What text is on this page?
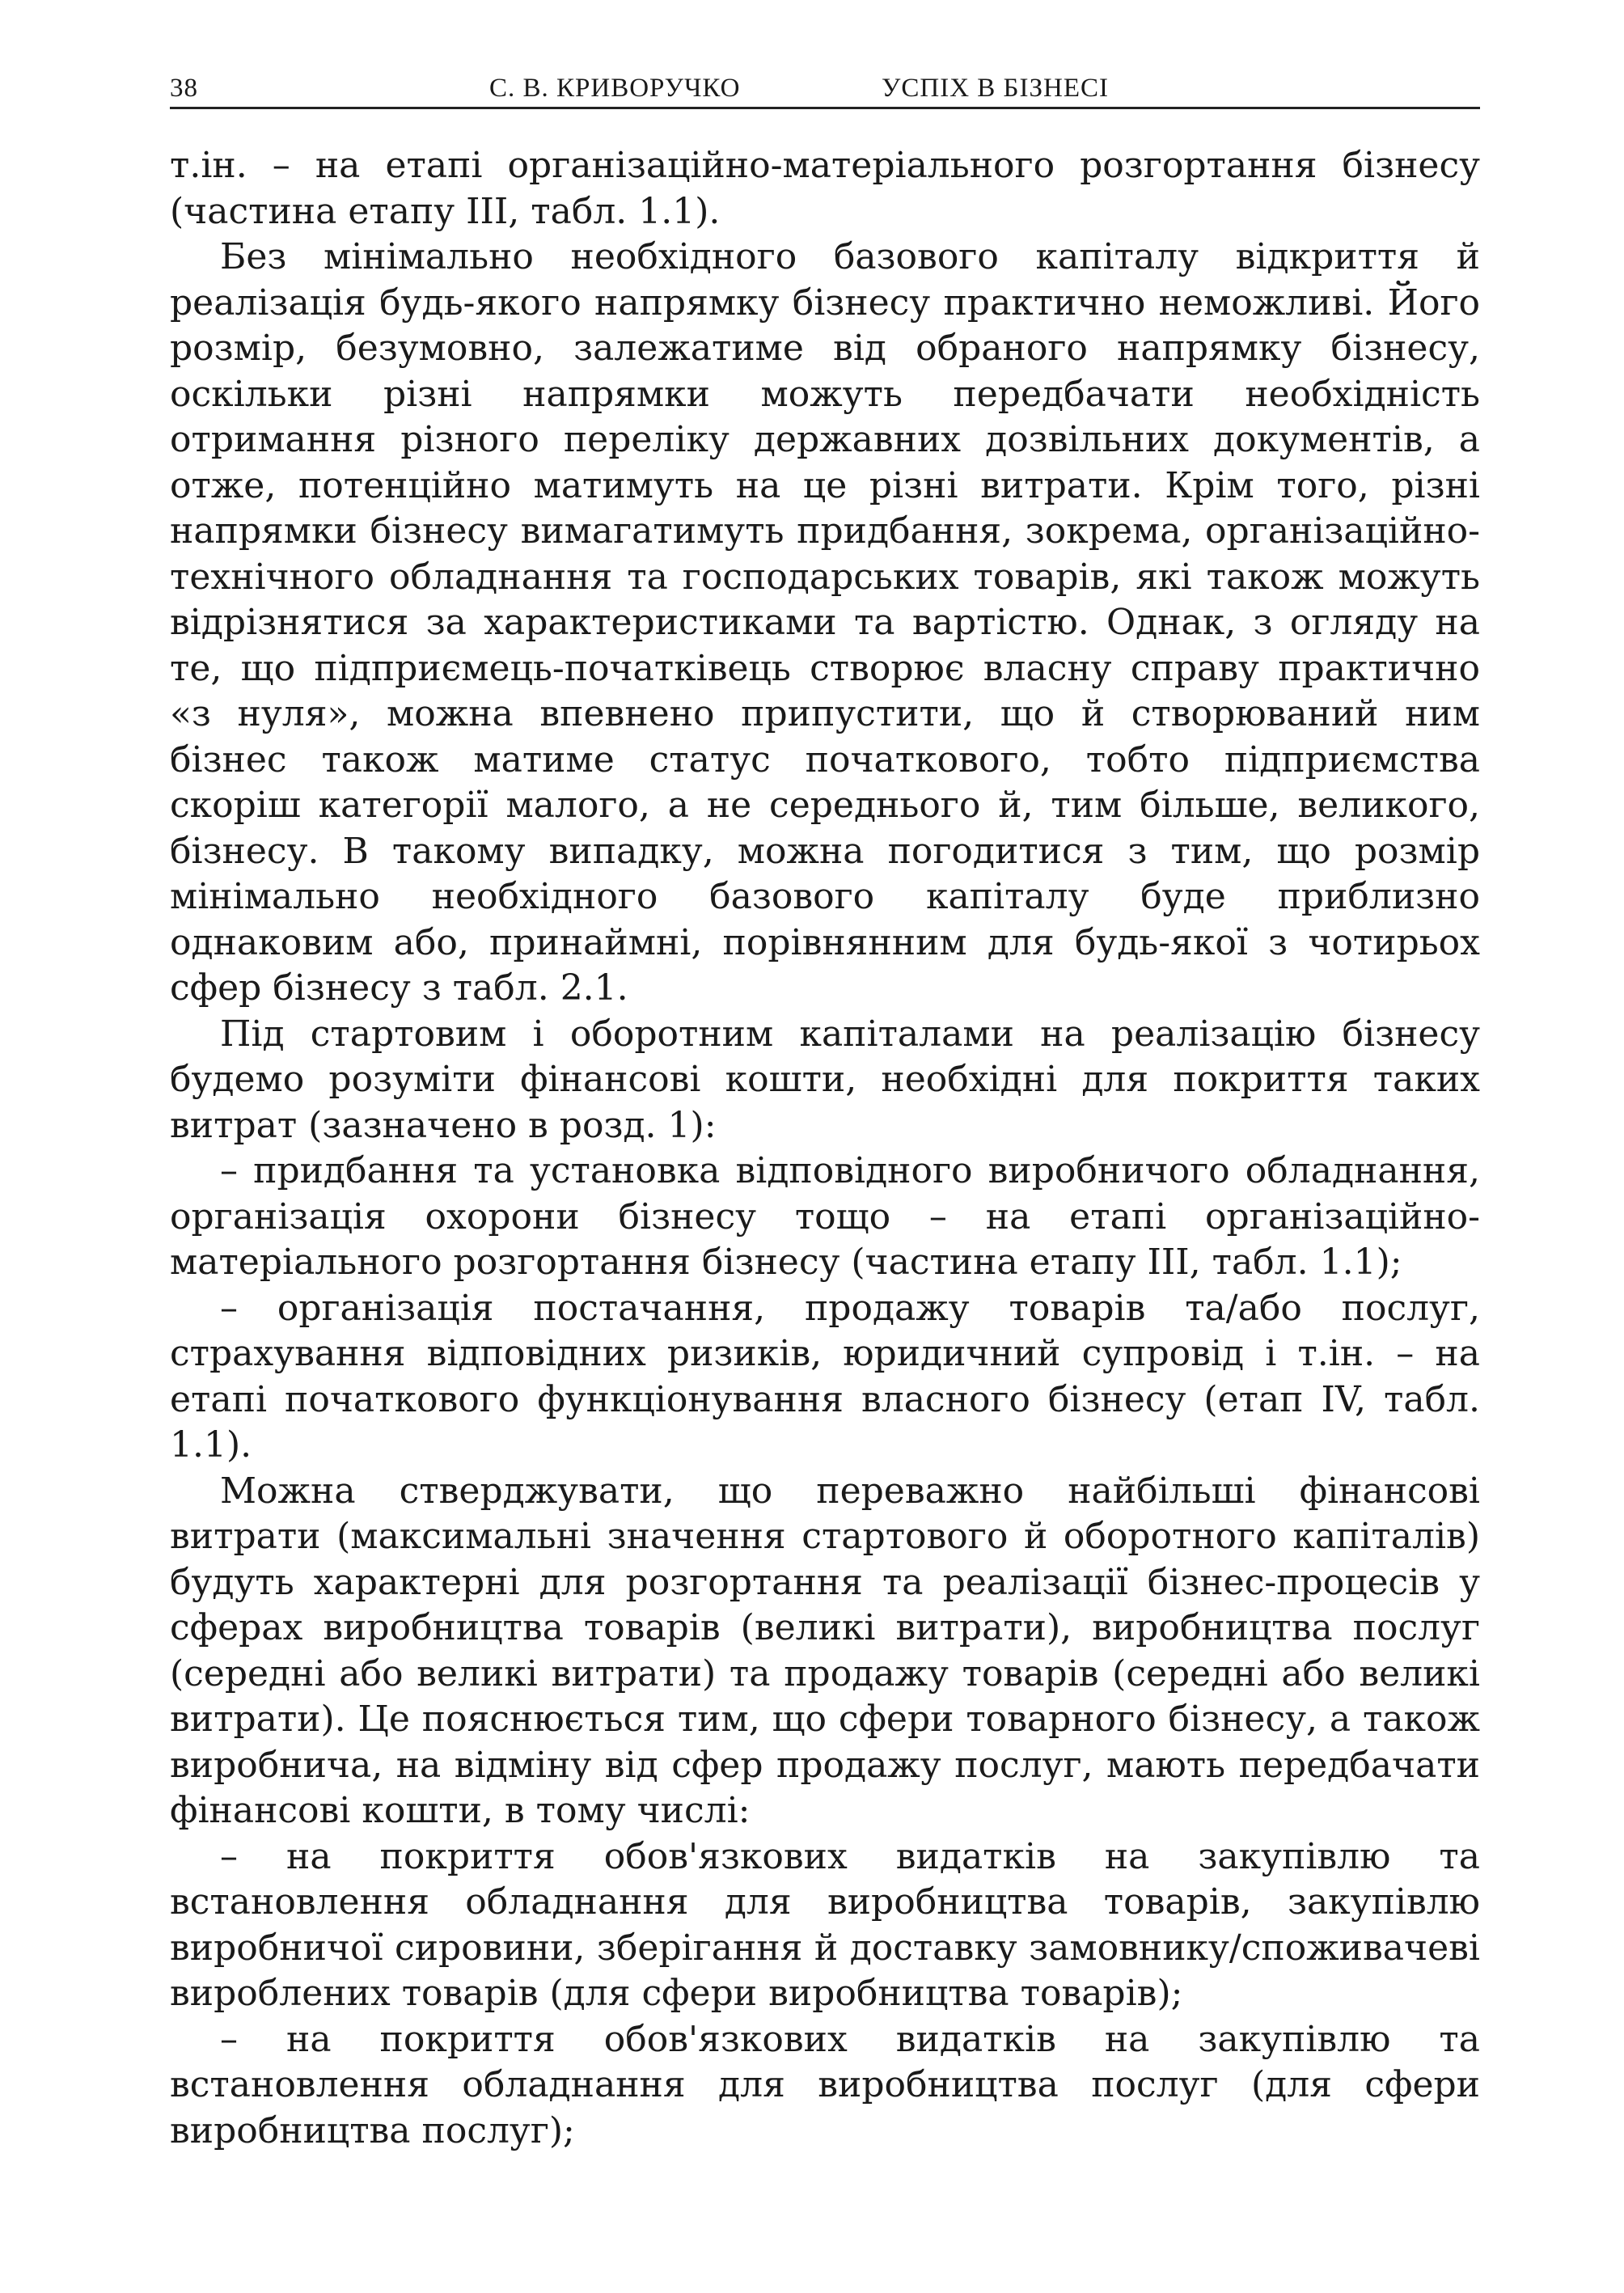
38	С. В. КРИВОРУЧКО	УСПІХ В БІЗНЕСІ

т.ін. – на етапі організаційно-матеріального розгортання бізнесу (частина етапу ІІІ, табл. 1.1).

Без мінімально необхідного базового капіталу відкриття й реалізація будь-якого напрямку бізнесу практично неможливі. Його розмір, безумовно, залежатиме від обраного напрямку бізнесу, оскільки різні напрямки можуть передбачати необхідність отримання різного переліку державних дозвільних документів, а отже, потенційно матимуть на це різні витрати. Крім того, різні напрямки бізнесу вимагатимуть придбання, зокрема, організаційно-технічного обладнання та господарських товарів, які також можуть відрізнятися за характеристиками та вартістю. Однак, з огляду на те, що підприємець-початківець створює власну справу практично «з нуля», можна впевнено припустити, що й створюваний ним бізнес також матиме статус початкового, тобто підприємства скоріш категорії малого, а не середнього й, тим більше, великого, бізнесу. В такому випадку, можна погодитися з тим, що розмір мінімально необхідного базового капіталу буде приблизно однаковим або, принаймні, порівнянним для будь-якої з чотирьох сфер бізнесу з табл. 2.1.

Під стартовим і оборотним капіталами на реалізацію бізнесу будемо розуміти фінансові кошти, необхідні для покриття таких витрат (зазначено в розд. 1):

– придбання та установка відповідного виробничого обладнання, організація охорони бізнесу тощо – на етапі організаційно-матеріального розгортання бізнесу (частина етапу ІІІ, табл. 1.1);

– організація постачання, продажу товарів та/або послуг, страхування відповідних ризиків, юридичний супровід і т.ін. – на етапі початкового функціонування власного бізнесу (етап IV, табл. 1.1).

Можна стверджувати, що переважно найбільші фінансові витрати (максимальні значення стартового й оборотного капіталів) будуть характерні для розгортання та реалізації бізнес-процесів у сферах виробництва товарів (великі витрати), виробництва послуг (середні або великі витрати) та продажу товарів (середні або великі витрати). Це пояснюється тим, що сфери товарного бізнесу, а також виробнича, на відміну від сфер продажу послуг, мають передбачати фінансові кошти, в тому числі:

– на покриття обов'язкових видатків на закупівлю та встановлення обладнання для виробництва товарів, закупівлю виробничої сировини, зберігання й доставку замовнику/споживачеві вироблених товарів (для сфери виробництва товарів);

– на покриття обов'язкових видатків на закупівлю та встановлення обладнання для виробництва послуг (для сфери виробництва послуг);
